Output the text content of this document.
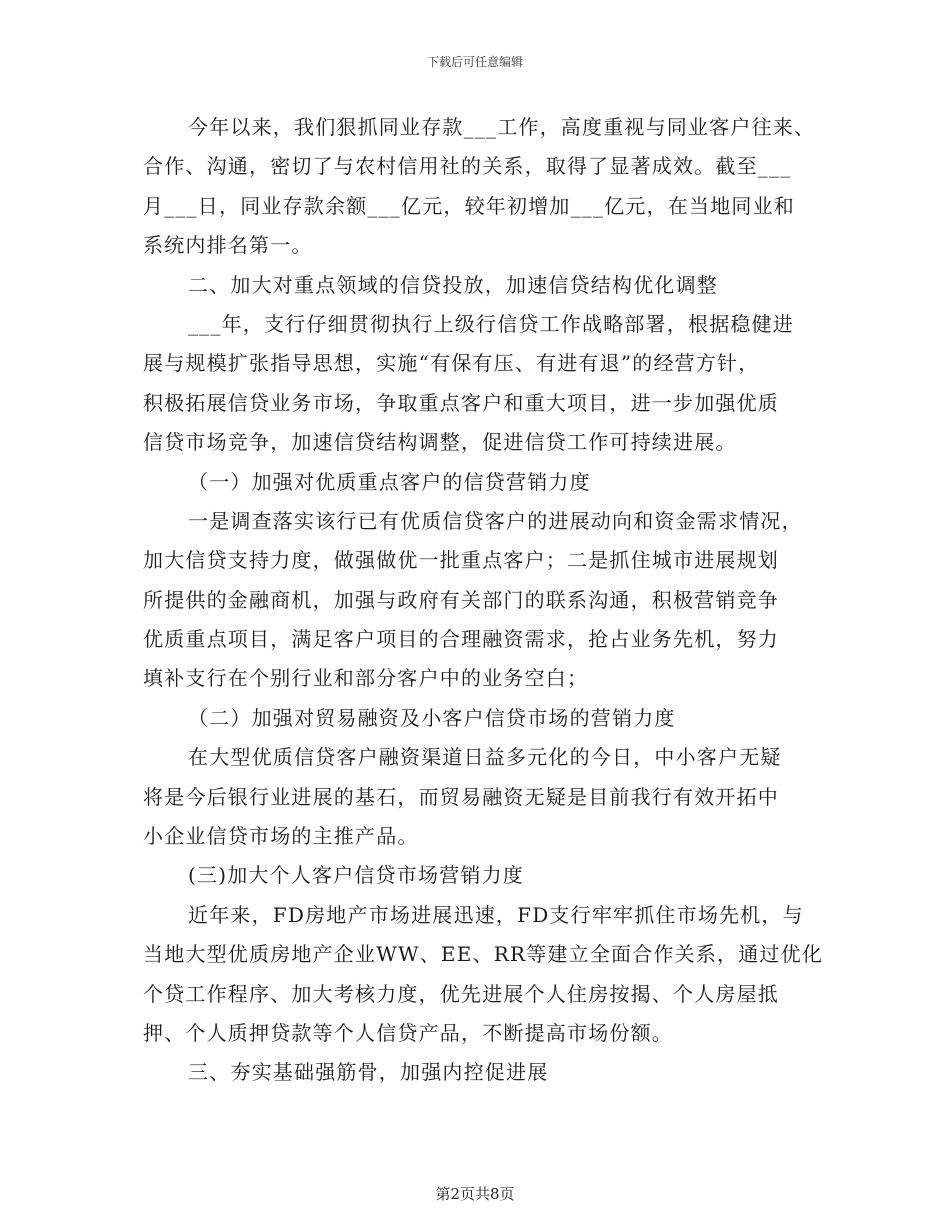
下载后可任意编辑
今年以来，我们狠抓同业存款___工作，高度重视与同业客户往来、
合作、沟通，密切了与农村信用社的关系，取得了显著成效。截至___
月___日，同业存款余额___亿元，较年初增加___亿元，在当地同业和
系统内排名第一。
二、加大对重点领域的信贷投放，加速信贷结构优化调整
___年，支行仔细贯彻执行上级行信贷工作战略部署，根据稳健进
展与规模扩张指导思想，实施“有保有压、有进有退”的经营方针，
积极拓展信贷业务市场，争取重点客户和重大项目，进一步加强优质
信贷市场竞争，加速信贷结构调整，促进信贷工作可持续进展。
（一）加强对优质重点客户的信贷营销力度
一是调查落实该行已有优质信贷客户的进展动向和资金需求情况，
加大信贷支持力度，做强做优一批重点客户；二是抓住城市进展规划
所提供的金融商机，加强与政府有关部门的联系沟通，积极营销竞争
优质重点项目，满足客户项目的合理融资需求，抢占业务先机，努力
填补支行在个别行业和部分客户中的业务空白；
（二）加强对贸易融资及小客户信贷市场的营销力度
在大型优质信贷客户融资渠道日益多元化的今日，中小客户无疑
将是今后银行业进展的基石，而贸易融资无疑是目前我行有效开拓中
小企业信贷市场的主推产品。
(三)加大个人客户信贷市场营销力度
近年来，FD房地产市场进展迅速，FD支行牢牢抓住市场先机，与
当地大型优质房地产企业WW、EE、RR等建立全面合作关系，通过优化
个贷工作程序、加大考核力度，优先进展个人住房按揭、个人房屋抵
押、个人质押贷款等个人信贷产品，不断提高市场份额。
三、夯实基础强筋骨，加强内控促进展
第2页共8页
